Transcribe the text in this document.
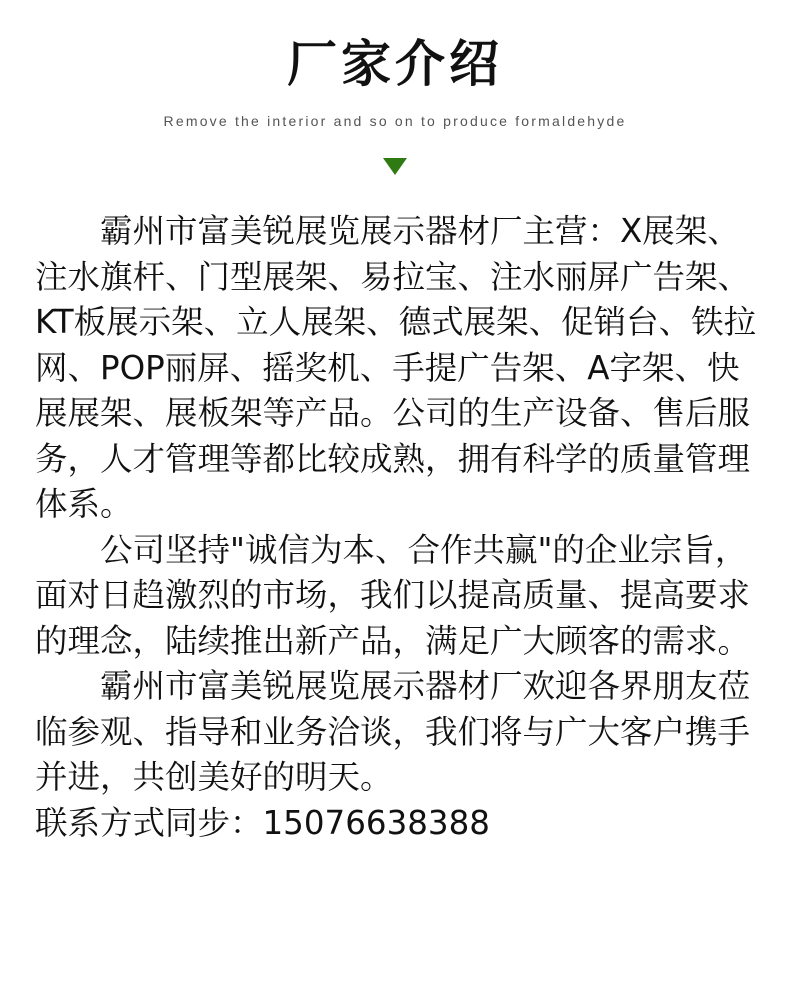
厂家介绍
Remove the interior and so on to produce formaldehyde

霸州市富美锐展览展示器材厂主营：X展架、注水旗杆、门型展架、易拉宝、注水丽屏广告架、KT板展示架、立人展架、德式展架、促销台、铁拉网、POP丽屏、摇奖机、手提广告架、A字架、快展展架、展板架等产品。公司的生产设备、售后服务，人才管理等都比较成熟，拥有科学的质量管理体系。

公司坚持"诚信为本、合作共赢"的企业宗旨，面对日趋激烈的市场，我们以提高质量、提高要求的理念，陆续推出新产品，满足广大顾客的需求。

霸州市富美锐展览展示器材厂欢迎各界朋友莅临参观、指导和业务洽谈，我们将与广大客户携手并进，共创美好的明天。

联系方式同步：15076638388
